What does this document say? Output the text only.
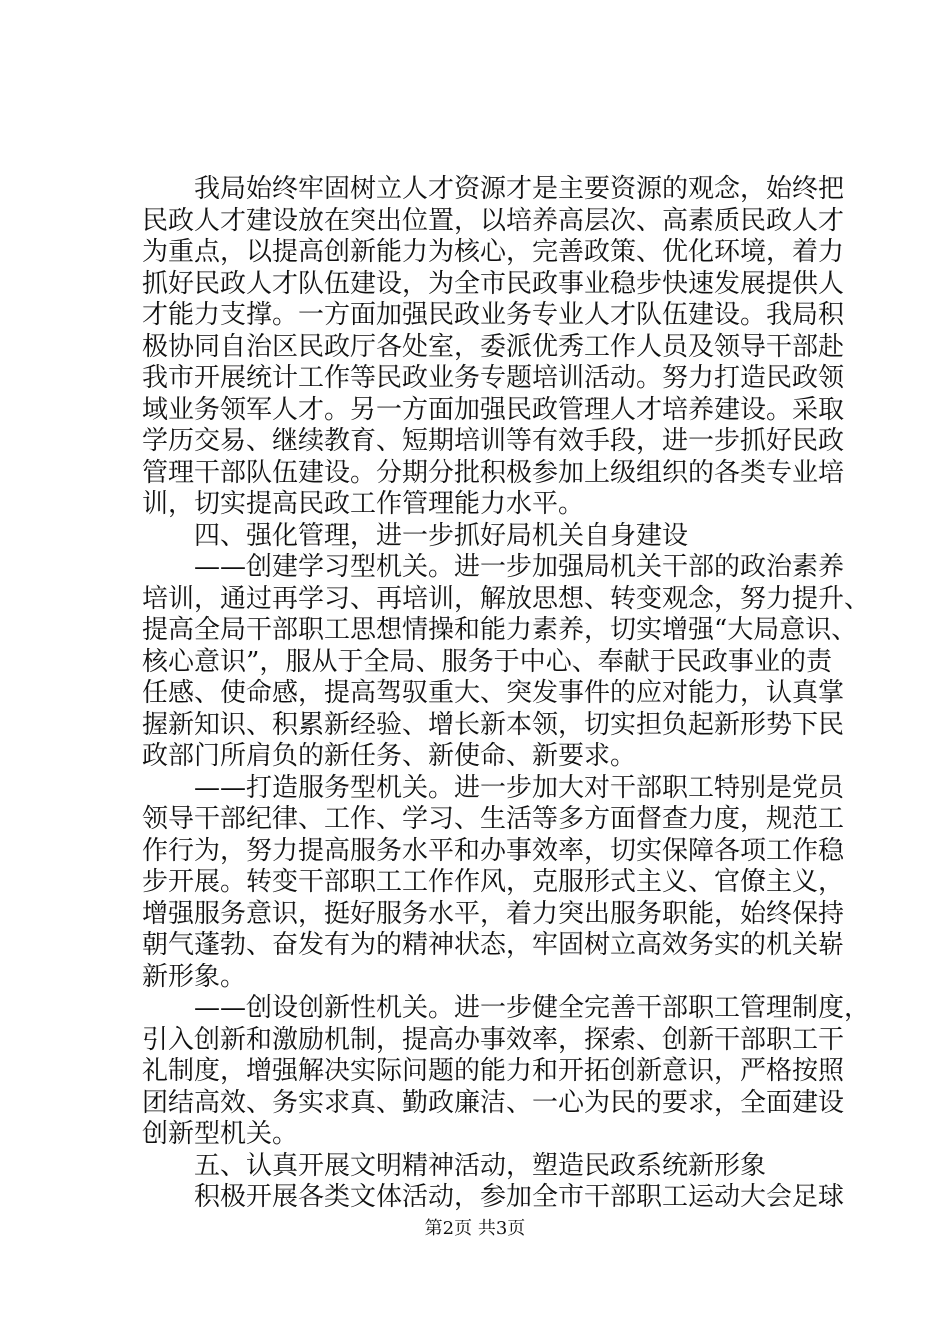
　　我局始终牢固树立人才资源才是主要资源的观念，始终把
民政人才建设放在突出位置，以培养高层次、高素质民政人才
为重点，以提高创新能力为核心，完善政策、优化环境，着力
抓好民政人才队伍建设，为全市民政事业稳步快速发展提供人
才能力支撑。一方面加强民政业务专业人才队伍建设。我局积
极协同自治区民政厅各处室，委派优秀工作人员及领导干部赴
我市开展统计工作等民政业务专题培训活动。努力打造民政领
域业务领军人才。另一方面加强民政管理人才培养建设。采取
学历交易、继续教育、短期培训等有效手段，进一步抓好民政
管理干部队伍建设。分期分批积极参加上级组织的各类专业培
训，切实提高民政工作管理能力水平。
　　四、强化管理，进一步抓好局机关自身建设
　　——创建学习型机关。进一步加强局机关干部的政治素养
培训，通过再学习、再培训，解放思想、转变观念，努力提升、
提高全局干部职工思想情操和能力素养，切实增强“大局意识、
核心意识”，服从于全局、服务于中心、奉献于民政事业的责
任感、使命感，提高驾驭重大、突发事件的应对能力，认真掌
握新知识、积累新经验、增长新本领，切实担负起新形势下民
政部门所肩负的新任务、新使命、新要求。
　　——打造服务型机关。进一步加大对干部职工特别是党员
领导干部纪律、工作、学习、生活等多方面督查力度，规范工
作行为，努力提高服务水平和办事效率，切实保障各项工作稳
步开展。转变干部职工工作作风，克服形式主义、官僚主义，
增强服务意识，挺好服务水平，着力突出服务职能，始终保持
朝气蓬勃、奋发有为的精神状态，牢固树立高效务实的机关崭
新形象。
　　——创设创新性机关。进一步健全完善干部职工管理制度，
引入创新和激励机制，提高办事效率，探索、创新干部职工干
礼制度，增强解决实际问题的能力和开拓创新意识，严格按照
团结高效、务实求真、勤政廉洁、一心为民的要求，全面建设
创新型机关。
　　五、认真开展文明精神活动，塑造民政系统新形象
　　积极开展各类文体活动，参加全市干部职工运动大会足球
第2页 共3页
